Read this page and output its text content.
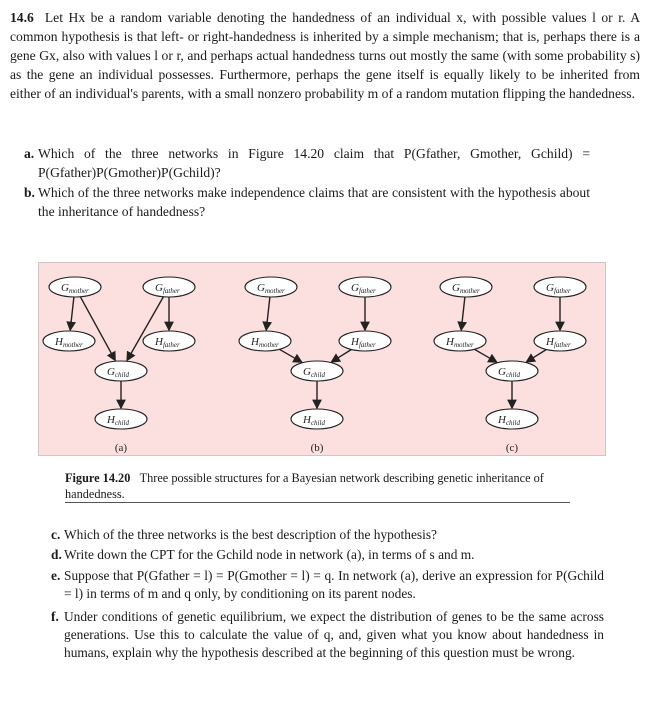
14.6 Let Hx be a random variable denoting the handedness of an individual x, with possible values l or r. A common hypothesis is that left- or right-handedness is inherited by a simple mechanism; that is, perhaps there is a gene Gx, also with values l or r, and perhaps actual handedness turns out mostly the same (with some probability s) as the gene an individual possesses. Furthermore, perhaps the gene itself is equally likely to be inherited from either of an individual's parents, with a small nonzero probability m of a random mutation flipping the handedness.
a. Which of the three networks in Figure 14.20 claim that P(Gfather, Gmother, Gchild) = P(Gfather)P(Gmother)P(Gchild)?
b. Which of the three networks make independence claims that are consistent with the hypothesis about the inheritance of handedness?
Gmother	Gfather
Hmother	Hfather
Gchild
Hchild
(a)
Gmother	Gfather
Hmother	Hfather
Gchild
Hchild
(b)
Gmother	Gfather
Hmother	Hfather
Gchild
Hchild
(c)
Figure 14.20 Three possible structures for a Bayesian network describing genetic inheritance of handedness.
c. Which of the three networks is the best description of the hypothesis?
d. Write down the CPT for the Gchild node in network (a), in terms of s and m.
e. Suppose that P(Gfather = l) = P(Gmother = l) = q. In network (a), derive an expression for P(Gchild = l) in terms of m and q only, by conditioning on its parent nodes.
f. Under conditions of genetic equilibrium, we expect the distribution of genes to be the same across generations. Use this to calculate the value of q, and, given what you know about handedness in humans, explain why the hypothesis described at the beginning of this question must be wrong.
